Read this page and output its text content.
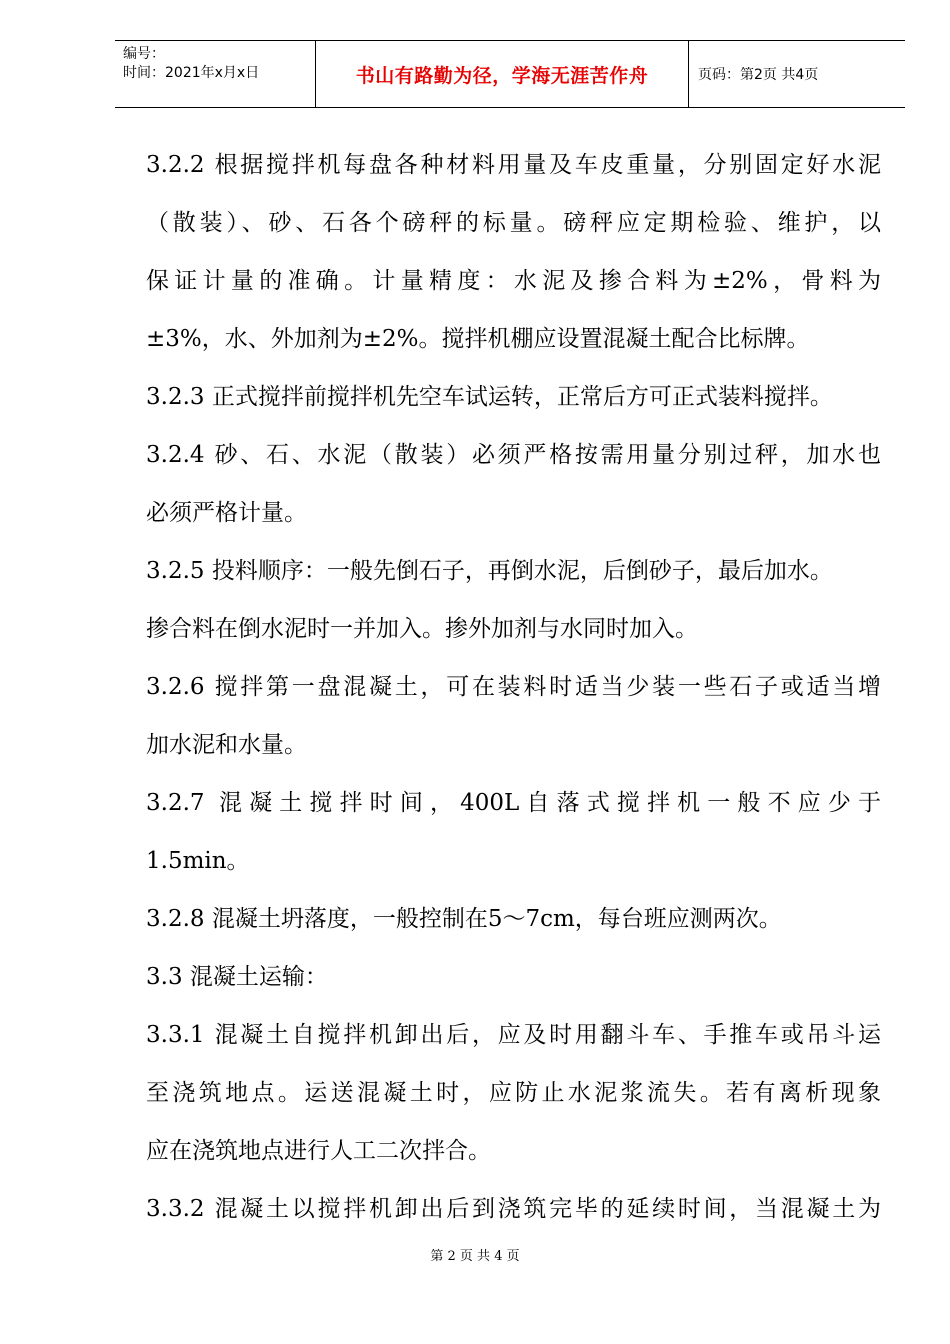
编号：
时间：2021年x月x日	书山有路勤为径，学海无涯苦作舟	页码：第2页 共4页
3.2.2 根据搅拌机每盘各种材料用量及车皮重量，分别固定好水泥
（散装）、砂、石各个磅秤的标量。磅秤应定期检验、维护，以
保证计量的准确。计量精度：水泥及掺合料为±2%，骨料为
±3%，水、外加剂为±2%。搅拌机棚应设置混凝土配合比标牌。
3.2.3 正式搅拌前搅拌机先空车试运转，正常后方可正式装料搅拌。
3.2.4 砂、石、水泥（散装）必须严格按需用量分别过秤，加水也
必须严格计量。
3.2.5 投料顺序：一般先倒石子，再倒水泥，后倒砂子，最后加水。
掺合料在倒水泥时一并加入。掺外加剂与水同时加入。
3.2.6 搅拌第一盘混凝土，可在装料时适当少装一些石子或适当增
加水泥和水量。
3.2.7 混凝土搅拌时间，400L自落式搅拌机一般不应少于
1.5min。
3.2.8 混凝土坍落度，一般控制在5～7cm，每台班应测两次。
3.3 混凝土运输：
3.3.1 混凝土自搅拌机卸出后，应及时用翻斗车、手推车或吊斗运
至浇筑地点。运送混凝土时，应防止水泥浆流失。若有离析现象
应在浇筑地点进行人工二次拌合。
3.3.2 混凝土以搅拌机卸出后到浇筑完毕的延续时间，当混凝土为
第 2 页 共 4 页
